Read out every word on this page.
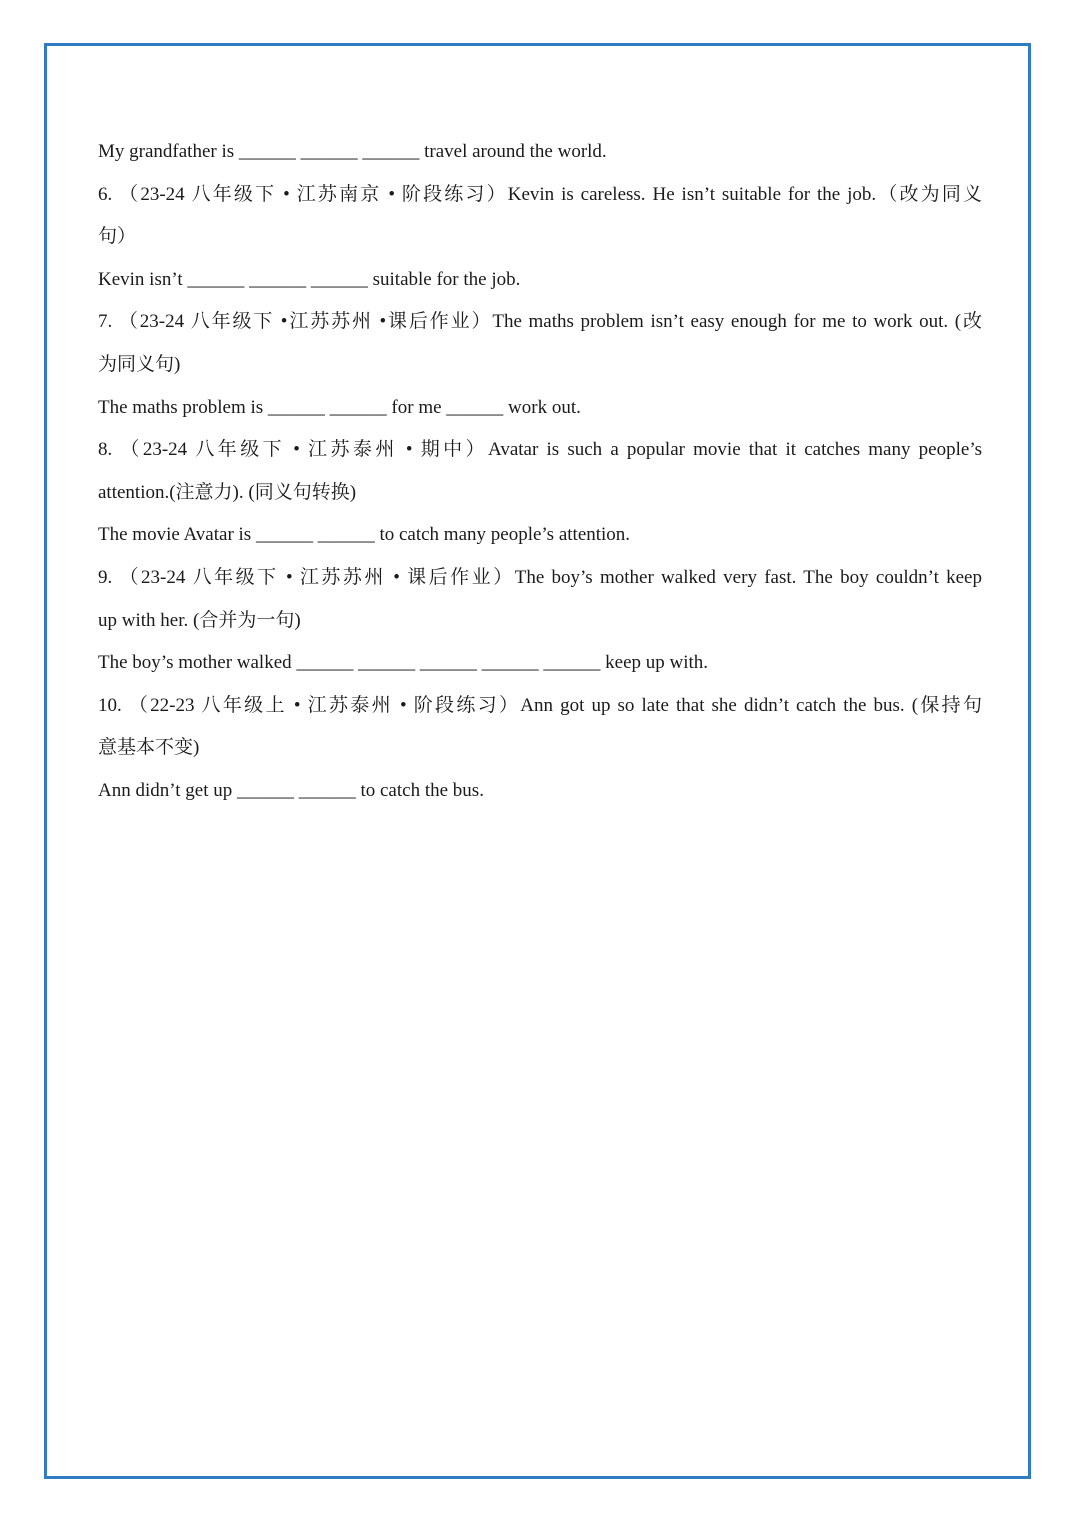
My grandfather is ______ ______ ______ travel around the world.
6. （23-24 八年级下 • 江苏南京 • 阶段练习）Kevin is careless. He isn’t suitable for the job.（改为同义
句）
Kevin isn’t ______ ______ ______ suitable for the job.
7. （23-24 八年级下 •江苏苏州 •课后作业）The maths problem isn’t easy enough for me to work out. (改
为同义句)
The maths problem is ______ ______ for me ______ work out.
8. （23-24 八年级下 • 江苏泰州 • 期中）Avatar is such a popular movie that it catches many people’s
attention.(注意力). (同义句转换)
The movie Avatar is ______ ______ to catch many people’s attention.
9. （23-24 八年级下 • 江苏苏州 • 课后作业）The boy’s mother walked very fast. The boy couldn’t keep
up with her. (合并为一句)
The boy’s mother walked ______ ______ ______ ______ ______ keep up with.
10. （22-23 八年级上 • 江苏泰州 • 阶段练习）Ann got up so late that she didn’t catch the bus. (保持句
意基本不变)
Ann didn’t get up ______ ______ to catch the bus.
